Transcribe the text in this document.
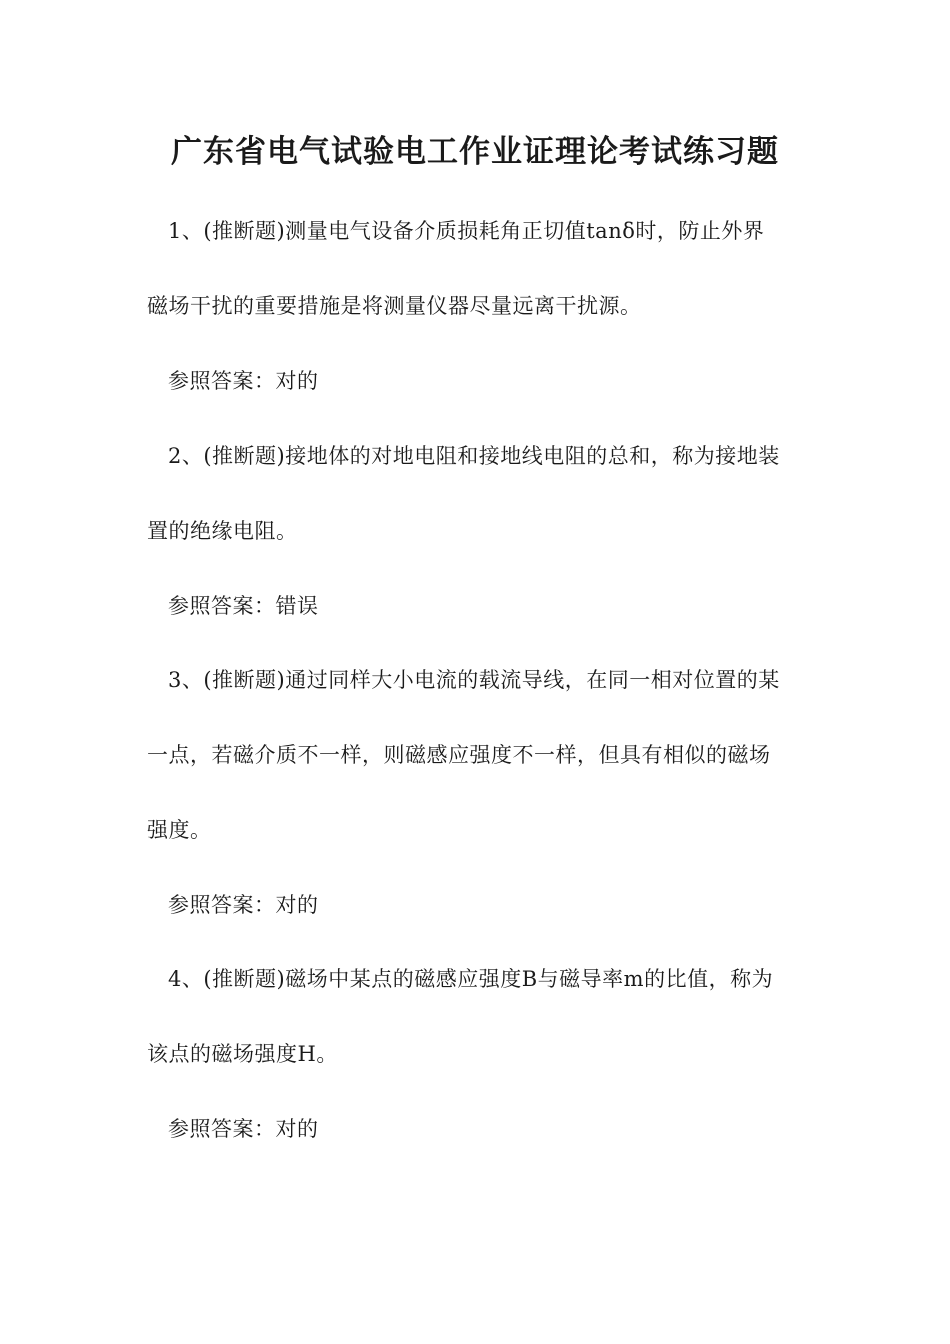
广东省电气试验电工作业证理论考试练习题
1、(推断题)测量电气设备介质损耗角正切值tanδ时，防止外界
磁场干扰的重要措施是将测量仪器尽量远离干扰源。
参照答案：对的
2、(推断题)接地体的对地电阻和接地线电阻的总和，称为接地装
置的绝缘电阻。
参照答案：错误
3、(推断题)通过同样大小电流的载流导线，在同一相对位置的某
一点，若磁介质不一样，则磁感应强度不一样，但具有相似的磁场
强度。
参照答案：对的
4、(推断题)磁场中某点的磁感应强度B与磁导率m的比值，称为
该点的磁场强度H。
参照答案：对的
